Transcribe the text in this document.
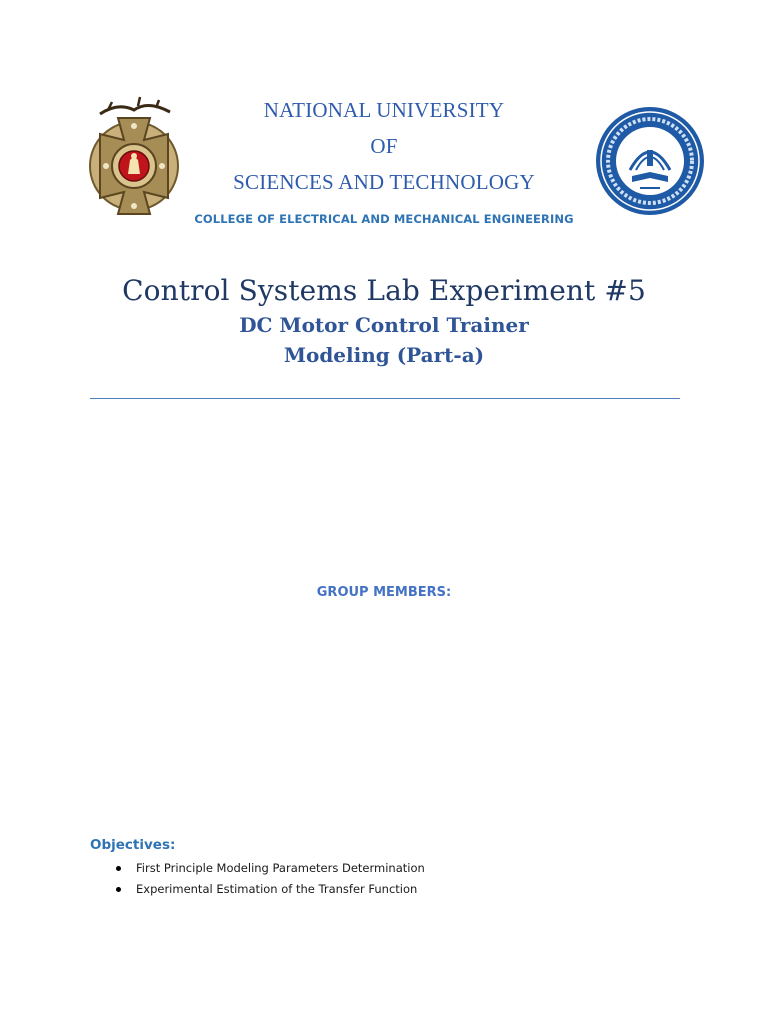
NATIONAL UNIVERSITY
OF
SCIENCES AND TECHNOLOGY
COLLEGE OF ELECTRICAL AND MECHANICAL ENGINEERING
Control Systems Lab Experiment #5
DC Motor Control Trainer
Modeling (Part-a)
GROUP MEMBERS:
Objectives:
First Principle Modeling Parameters Determination
Experimental Estimation of the Transfer Function
